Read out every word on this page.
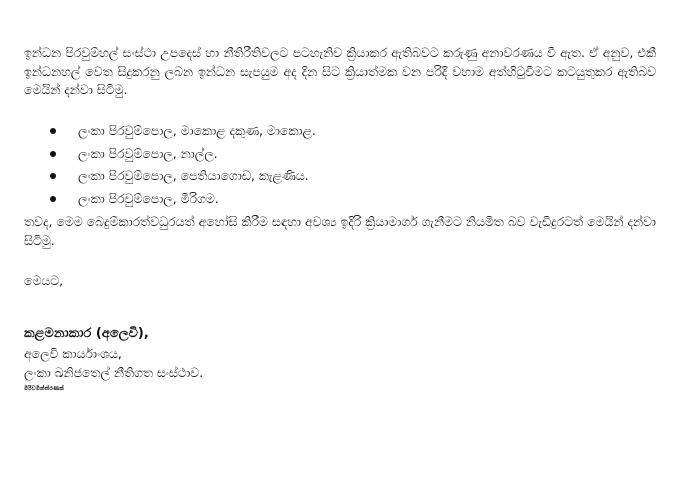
ඉන්ධන පිරවුම්හල් සංස්ථා උපදෙස් හා නීතිරීතිවලට පටහැනිව ක්‍රියාකර ඇතිබවට කරුණු අනාවරණය වී ඇත. ඒ අනුව, එකී ඉන්ධනහල් වෙත සිදුකරනු ලබන ඉන්ධන සැපයුම අද දින සිට ක්‍රියාත්මක වන පරිදි වහාම අත්හිටුවීමට කටයුතුකර ඇතිබව මෙයින් දන්වා සිටිමු.

ලංකා පිරවුම්පොල, මාකොළ දකුණ, මාකොළ.
ලංකා පිරවුම්පොල, නාල්ල.
ලංකා පිරවුම්පොල, පෙතියාගොඩ, කැළණිය.
ලංකා පිරවුම්පොල, මීරිගම.

තවද, මෙම බෙදුම්කාරත්වධුරයත් අහෝසි කිරීම සඳහා අවශ්‍ය ඉදිරි ක්‍රියාමාර්ග ගැනීමට නියමිත බව වැඩිදුරටත් මෙයින් දන්වා සිටිමු.

මෙයට,

කළමනාකාර (අලෙවි),

අලෙවි කාර්යාංශය,

ලංකා ඛනිජතෙල් නීතිගත සංස්ථාව.

මිරිවමින්ත්රණක්
